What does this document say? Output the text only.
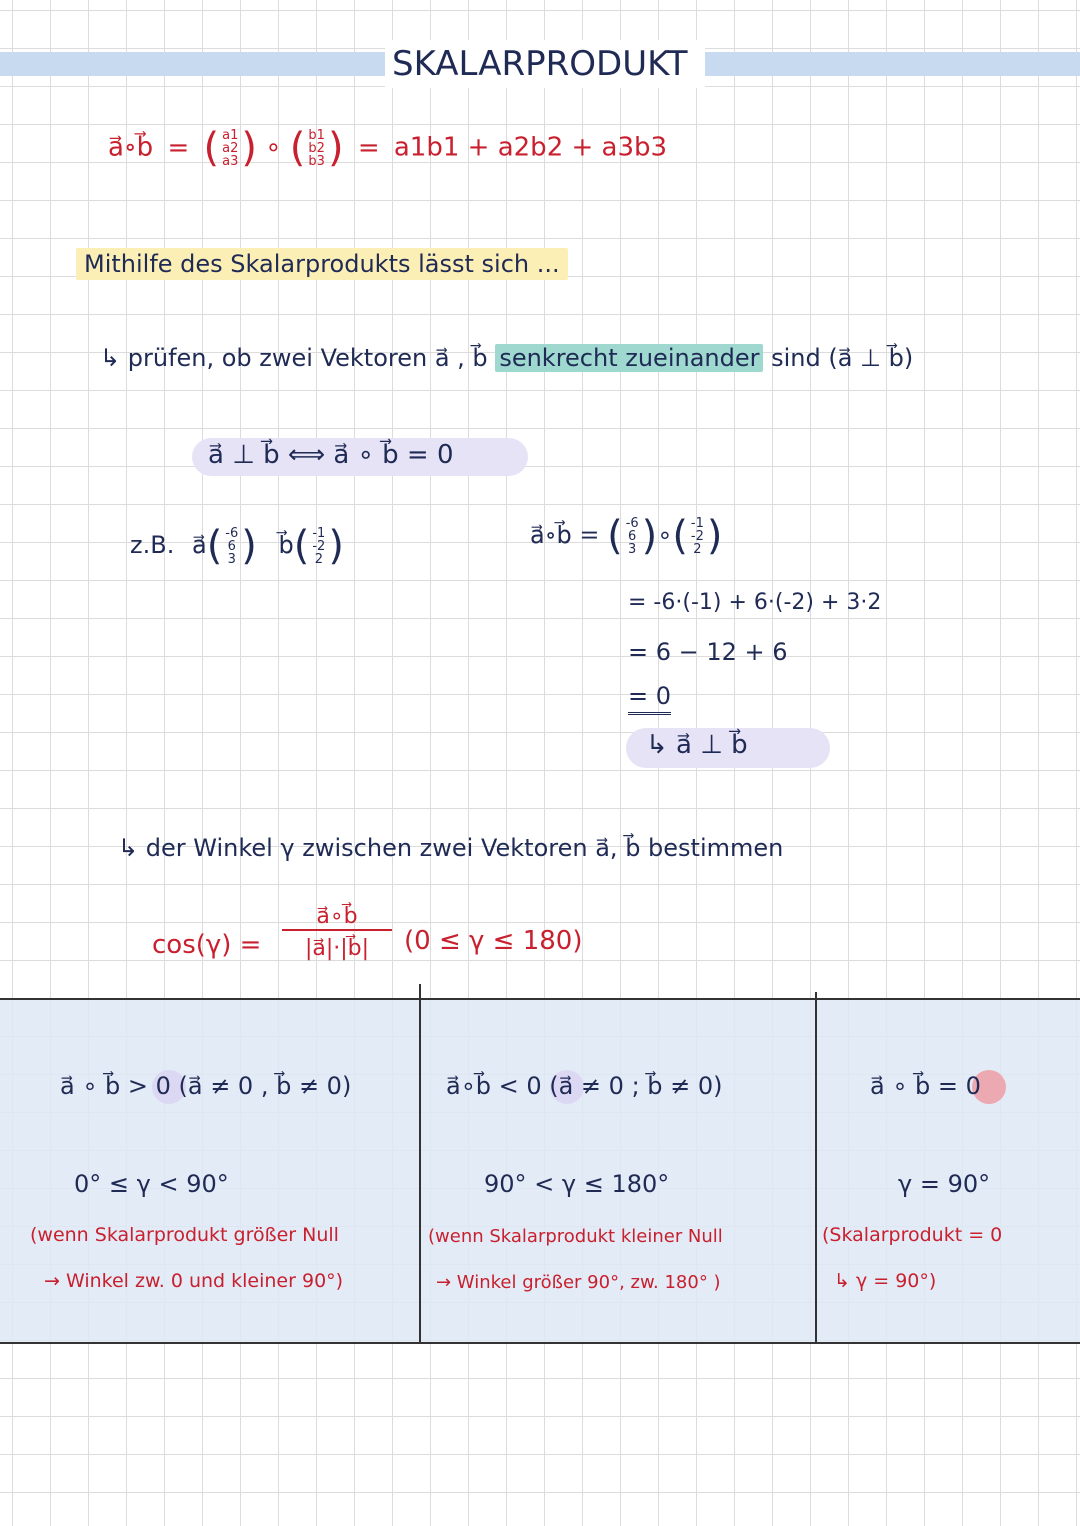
SKALARPRODUKT
a⃗∘b⃗ = ( a1
a2
a3 ) ∘ ( b1
b2
b3 ) = a1b1 + a2b2 + a3b3
Mithilfe des Skalarprodukts lässt sich ...
↳ prüfen, ob zwei Vektoren a⃗ , b⃗ senkrecht zueinander sind (a⃗ ⊥ b⃗)
a⃗ ⊥ b⃗ ⟺ a⃗ ∘ b⃗ = 0
z.B. a⃗( -6
6
3 ) b⃗( -1
-2
2 )	a⃗∘b⃗ = ( -6
6
3 )∘( -1
-2
2 )
= -6·(-1) + 6·(-2) + 3·2
= 6 − 12 + 6
= 0
↳ a⃗ ⊥ b⃗
↳ der Winkel γ zwischen zwei Vektoren a⃗, b⃗ bestimmen
cos(γ) =
a⃗∘b⃗
|a⃗|·|b⃗|	(0 ≤ γ ≤ 180)
a⃗ ∘ b⃗ > 0 (a⃗ ≠ 0 , b⃗ ≠ 0)
0° ≤ γ < 90°
(wenn Skalarprodukt größer Null
→ Winkel zw. 0 und kleiner 90°)
a⃗∘b⃗ < 0 (a⃗ ≠ 0 ; b⃗ ≠ 0)
90° < γ ≤ 180°
(wenn Skalarprodukt kleiner Null
→ Winkel größer 90°, zw. 180° )
a⃗ ∘ b⃗ = 0
γ = 90°
(Skalarprodukt = 0
↳ γ = 90°)
